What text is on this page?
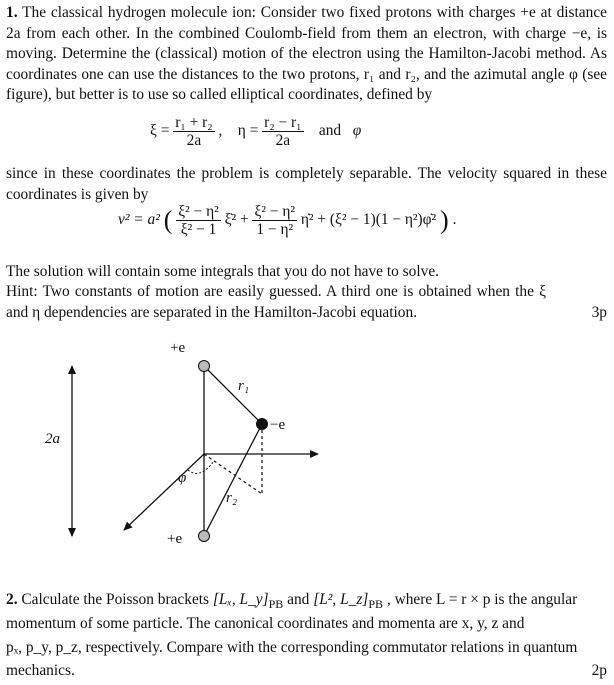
1. The classical hydrogen molecule ion: Consider two fixed protons with charges +e at distance 2a from each other. In the combined Coulomb-field from them an electron, with charge −e, is moving. Determine the (classical) motion of the electron using the Hamilton-Jacobi method. As coordinates one can use the distances to the two protons, r₁ and r₂, and the azimutal angle φ (see figure), but better is to use so called elliptical coordinates, defined by
$\xi = \frac{\text{r₁ + r₂}}{2a}$ , $\eta = \frac{\text{r₂ − r₁}}{2a}$ and φ
since in these coordinates the problem is completely separable. The velocity squared in these coordinates is given by
v² = a² ( $\frac{\text{ξ² − η²}}{\text{ξ² − 1}}$ ξ̇² + $\frac{\text{ξ² − η²}}{\text{1 − η²}}$ η̇² + (ξ² − 1)(1 − η²)φ̇² ) .
The solution will contain some integrals that you do not have to solve.
Hint: Two constants of motion are easily guessed. A third one is obtained when the ξ and η dependencies are separated in the Hamilton-Jacobi equation.	3p
+e
+e
r₁
r₂
−e
φ
2a
2. Calculate the Poisson brackets [Lₓ, $L\_y]_{PB}$ and [L², $L\_z]_{PB}$ , where L = r × p is the angular
momentum of some particle. The canonical coordinates and momenta are x, y, z and
pₓ, p_y, p_z, respectively. Compare with the corresponding commutator relations in quantum
mechanics.	2p
